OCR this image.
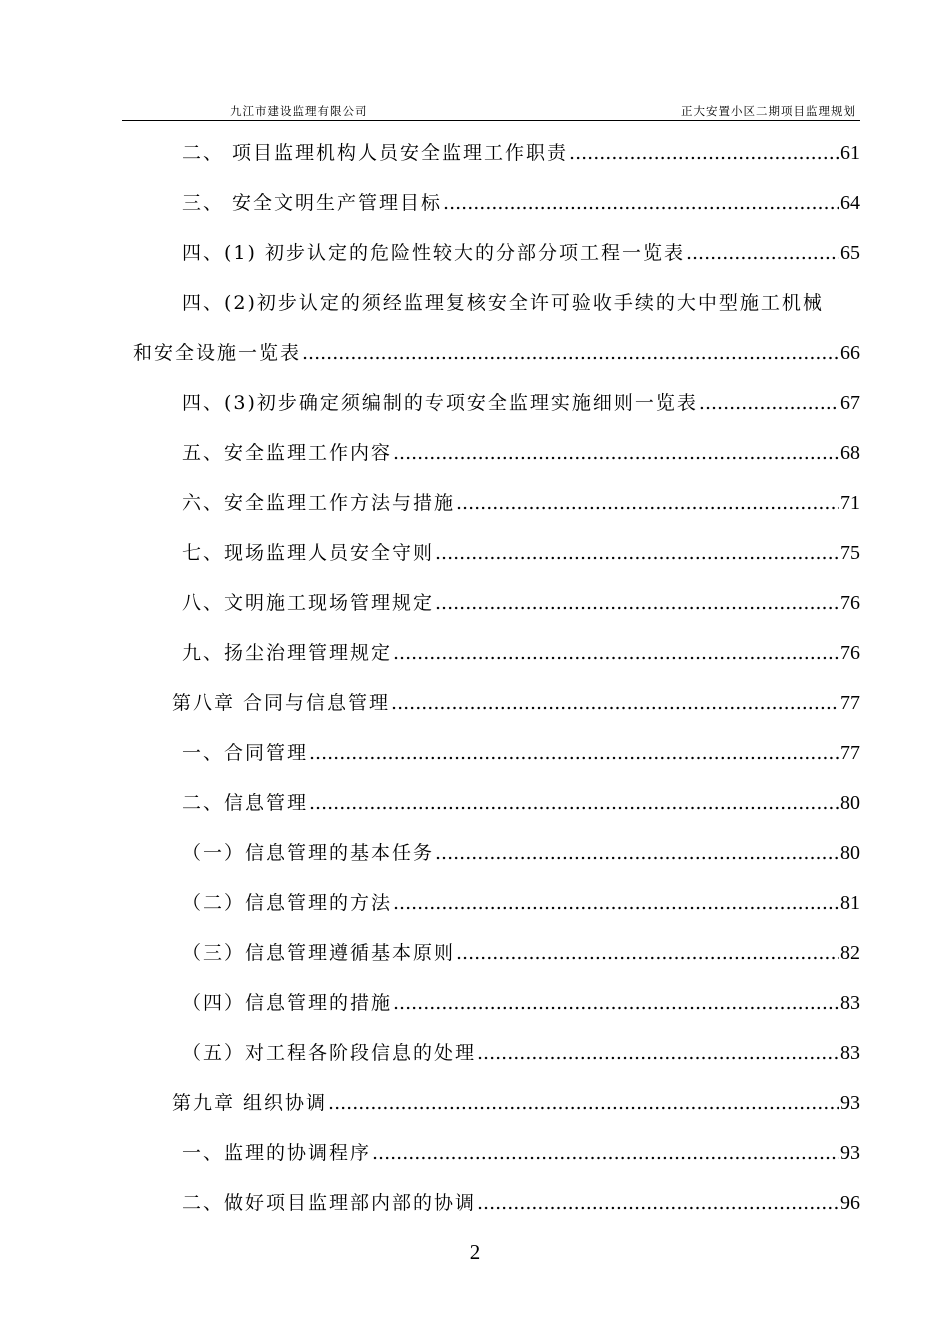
九江市建设监理有限公司	正大安置小区二期项目监理规划
二、 项目监理机构人员安全监理工作职责 .....	61
三、 安全文明生产管理目标 .....	64
四、(1) 初步认定的危险性较大的分部分项工程一览表 .....	65
四、(2)初步认定的须经监理复核安全许可验收手续的大中型施工机械
和安全设施一览表 .....	66
四、(3)初步确定须编制的专项安全监理实施细则一览表 .....	67
五、安全监理工作内容 .....	68
六、安全监理工作方法与措施 .....	71
七、现场监理人员安全守则 .....	75
八、文明施工现场管理规定 .....	76
九、扬尘治理管理规定 .....	76
第八章 合同与信息管理 .....	77
一、合同管理 .....	77
二、信息管理 .....	80
（一）信息管理的基本任务 .....	80
（二）信息管理的方法 .....	81
（三）信息管理遵循基本原则 .....	82
（四）信息管理的措施 .....	83
（五）对工程各阶段信息的处理 .....	83
第九章 组织协调 .....	93
一、监理的协调程序 .....	93
二、做好项目监理部内部的协调 .....	96
2
